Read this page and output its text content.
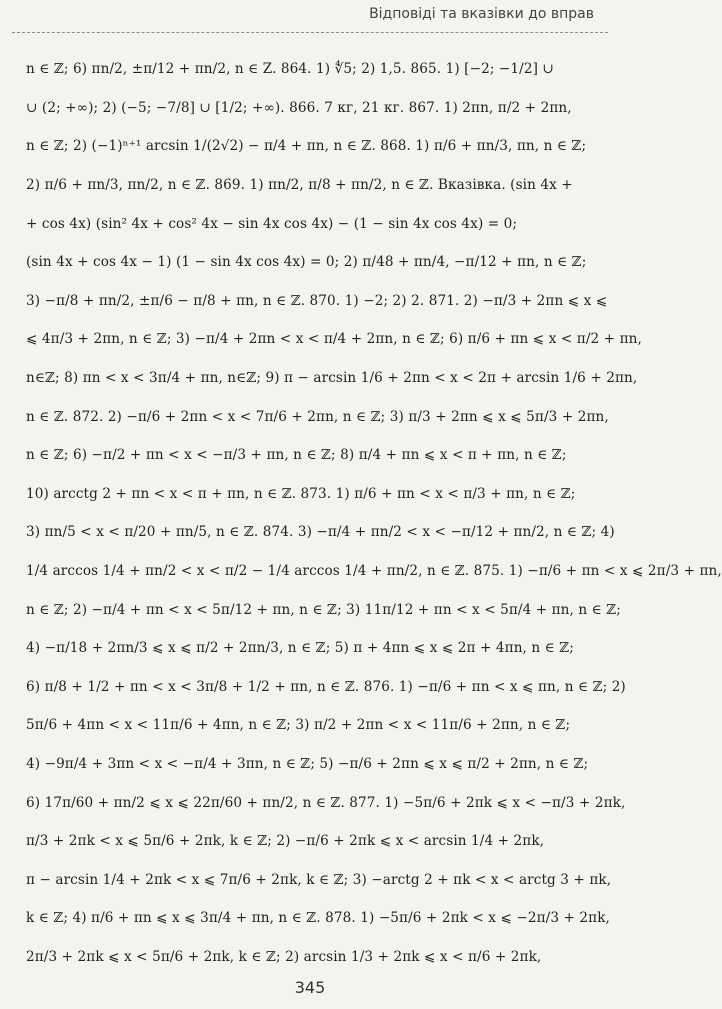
Відповіді та вказівки до вправ
n ∈ ℤ; 6) πn/2, ±π/12 + πn/2, n ∈ Z. 864. 1) ∜5; 2) 1,5. 865. 1) [−2; −1/2] ∪
∪ (2; +∞); 2) (−5; −7/8] ∪ [1/2; +∞). 866. 7 кг, 21 кг. 867. 1) 2πn, π/2 + 2πn,
n ∈ ℤ; 2) (−1)ⁿ⁺¹ arcsin 1/(2√2) − π/4 + πn, n ∈ ℤ. 868. 1) π/6 + πn/3, πn, n ∈ ℤ;
2) π/6 + πn/3, πn/2, n ∈ ℤ. 869. 1) πn/2, π/8 + πn/2, n ∈ ℤ. Вказівка. (sin 4x +
+ cos 4x) (sin² 4x + cos² 4x − sin 4x cos 4x) − (1 − sin 4x cos 4x) = 0;
(sin 4x + cos 4x − 1) (1 − sin 4x cos 4x) = 0; 2) π/48 + πn/4, −π/12 + πn, n ∈ ℤ;
3) −π/8 + πn/2, ±π/6 − π/8 + πn, n ∈ ℤ. 870. 1) −2; 2) 2. 871. 2) −π/3 + 2πn ⩽ x ⩽
⩽ 4π/3 + 2πn, n ∈ ℤ; 3) −π/4 + 2πn < x < π/4 + 2πn, n ∈ ℤ; 6) π/6 + πn ⩽ x < π/2 + πn,
n∈ℤ; 8) πn < x < 3π/4 + πn, n∈ℤ; 9) π − arcsin 1/6 + 2πn < x < 2π + arcsin 1/6 + 2πn,
n ∈ ℤ. 872. 2) −π/6 + 2πn < x < 7π/6 + 2πn, n ∈ ℤ; 3) π/3 + 2πn ⩽ x ⩽ 5π/3 + 2πn,
n ∈ ℤ; 6) −π/2 + πn < x < −π/3 + πn, n ∈ ℤ; 8) π/4 + πn ⩽ x < π + πn, n ∈ ℤ;
10) arcctg 2 + πn < x < π + πn, n ∈ ℤ. 873. 1) π/6 + πn < x < π/3 + πn, n ∈ ℤ;
3) πn/5 < x < π/20 + πn/5, n ∈ ℤ. 874. 3) −π/4 + πn/2 < x < −π/12 + πn/2, n ∈ ℤ; 4)
1/4 arccos 1/4 + πn/2 < x < π/2 − 1/4 arccos 1/4 + πn/2, n ∈ ℤ. 875. 1) −π/6 + πn < x ⩽ 2π/3 + πn,
n ∈ ℤ; 2) −π/4 + πn < x < 5π/12 + πn, n ∈ ℤ; 3) 11π/12 + πn < x < 5π/4 + πn, n ∈ ℤ;
4) −π/18 + 2πn/3 ⩽ x ⩽ π/2 + 2πn/3, n ∈ ℤ; 5) π + 4πn ⩽ x ⩽ 2π + 4πn, n ∈ ℤ;
6) π/8 + 1/2 + πn < x < 3π/8 + 1/2 + πn, n ∈ ℤ. 876. 1) −π/6 + πn < x ⩽ πn, n ∈ ℤ; 2)
5π/6 + 4πn < x < 11π/6 + 4πn, n ∈ ℤ; 3) π/2 + 2πn < x < 11π/6 + 2πn, n ∈ ℤ;
4) −9π/4 + 3πn < x < −π/4 + 3πn, n ∈ ℤ; 5) −π/6 + 2πn ⩽ x ⩽ π/2 + 2πn, n ∈ ℤ;
6) 17π/60 + πn/2 ⩽ x ⩽ 22π/60 + πn/2, n ∈ ℤ. 877. 1) −5π/6 + 2πk ⩽ x < −π/3 + 2πk,
π/3 + 2πk < x ⩽ 5π/6 + 2πk, k ∈ ℤ; 2) −π/6 + 2πk ⩽ x < arcsin 1/4 + 2πk,
π − arcsin 1/4 + 2πk < x ⩽ 7π/6 + 2πk, k ∈ ℤ; 3) −arctg 2 + πk < x < arctg 3 + πk,
k ∈ ℤ; 4) π/6 + πn ⩽ x ⩽ 3π/4 + πn, n ∈ ℤ. 878. 1) −5π/6 + 2πk < x ⩽ −2π/3 + 2πk,
2π/3 + 2πk ⩽ x < 5π/6 + 2πk, k ∈ ℤ; 2) arcsin 1/3 + 2πk ⩽ x < π/6 + 2πk,
345
